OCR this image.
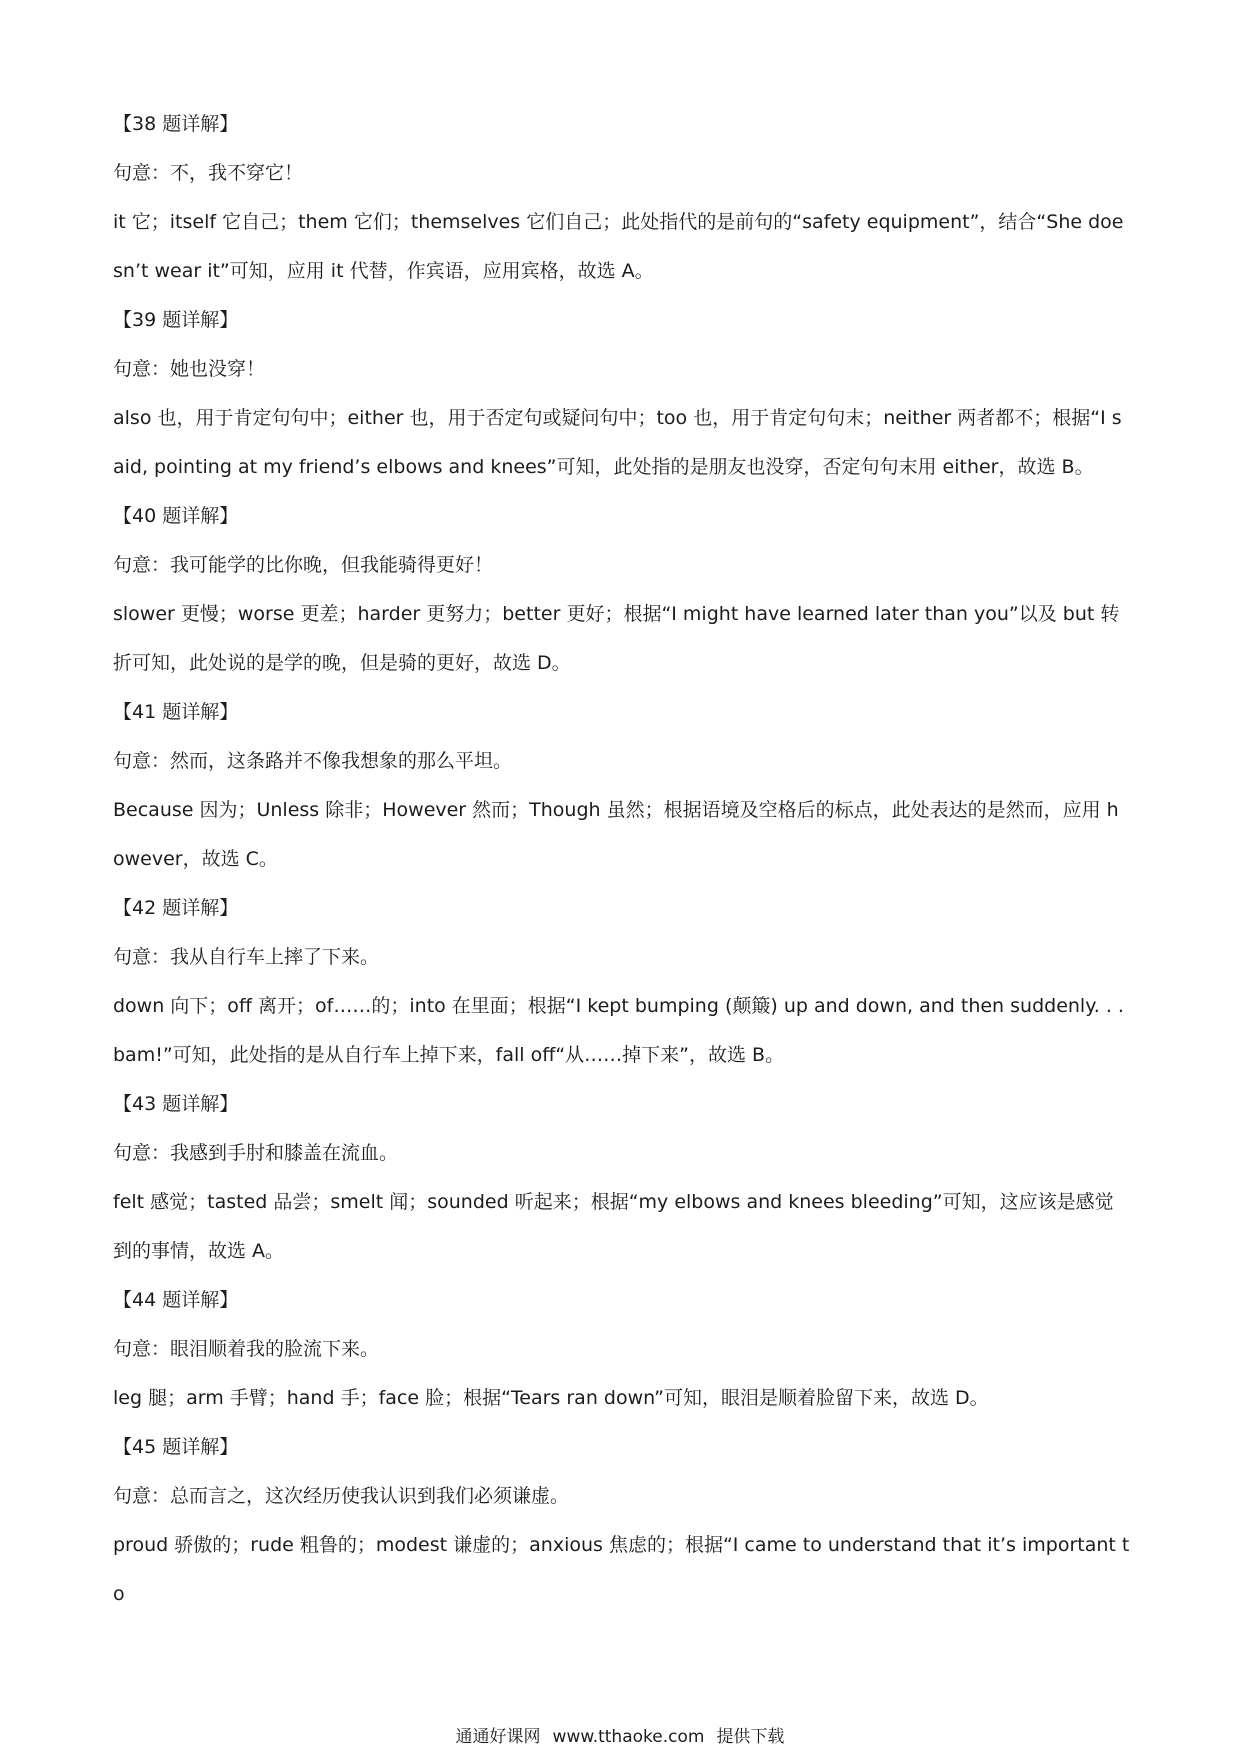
【38 题详解】

句意：不，我不穿它！

it 它；itself 它自己；them 它们；themselves 它们自己；此处指代的是前句的“safety equipment”，结合“She doesn’t wear it”可知，应用 it 代替，作宾语，应用宾格，故选 A。

【39 题详解】

句意：她也没穿！

also 也，用于肯定句句中；either 也，用于否定句或疑问句中；too 也，用于肯定句句末；neither 两者都不；根据“I said, pointing at my friend’s elbows and knees”可知，此处指的是朋友也没穿，否定句句末用 either，故选 B。

【40 题详解】

句意：我可能学的比你晚，但我能骑得更好！

slower 更慢；worse 更差；harder 更努力；better 更好；根据“I might have learned later than you”以及 but 转折可知，此处说的是学的晚，但是骑的更好，故选 D。

【41 题详解】

句意：然而，这条路并不像我想象的那么平坦。

Because 因为；Unless 除非；However 然而；Though 虽然；根据语境及空格后的标点，此处表达的是然而，应用 however，故选 C。

【42 题详解】

句意：我从自行车上摔了下来。

down 向下；off 离开；of……的；into 在里面；根据“I kept bumping (颠簸) up and down, and then suddenly. . . bam!”可知，此处指的是从自行车上掉下来，fall off“从……掉下来”，故选 B。

【43 题详解】

句意：我感到手肘和膝盖在流血。

felt 感觉；tasted 品尝；smelt 闻；sounded 听起来；根据“my elbows and knees bleeding”可知，这应该是感觉到的事情，故选 A。

【44 题详解】

句意：眼泪顺着我的脸流下来。

leg 腿；arm 手臂；hand 手；face 脸；根据“Tears ran down”可知，眼泪是顺着脸留下来，故选 D。

【45 题详解】

句意：总而言之，这次经历使我认识到我们必须谦虚。

proud 骄傲的；rude 粗鲁的；modest 谦虚的；anxious 焦虑的；根据“I came to understand that it’s important to

通通好课网 www.tthaoke.com 提供下载
